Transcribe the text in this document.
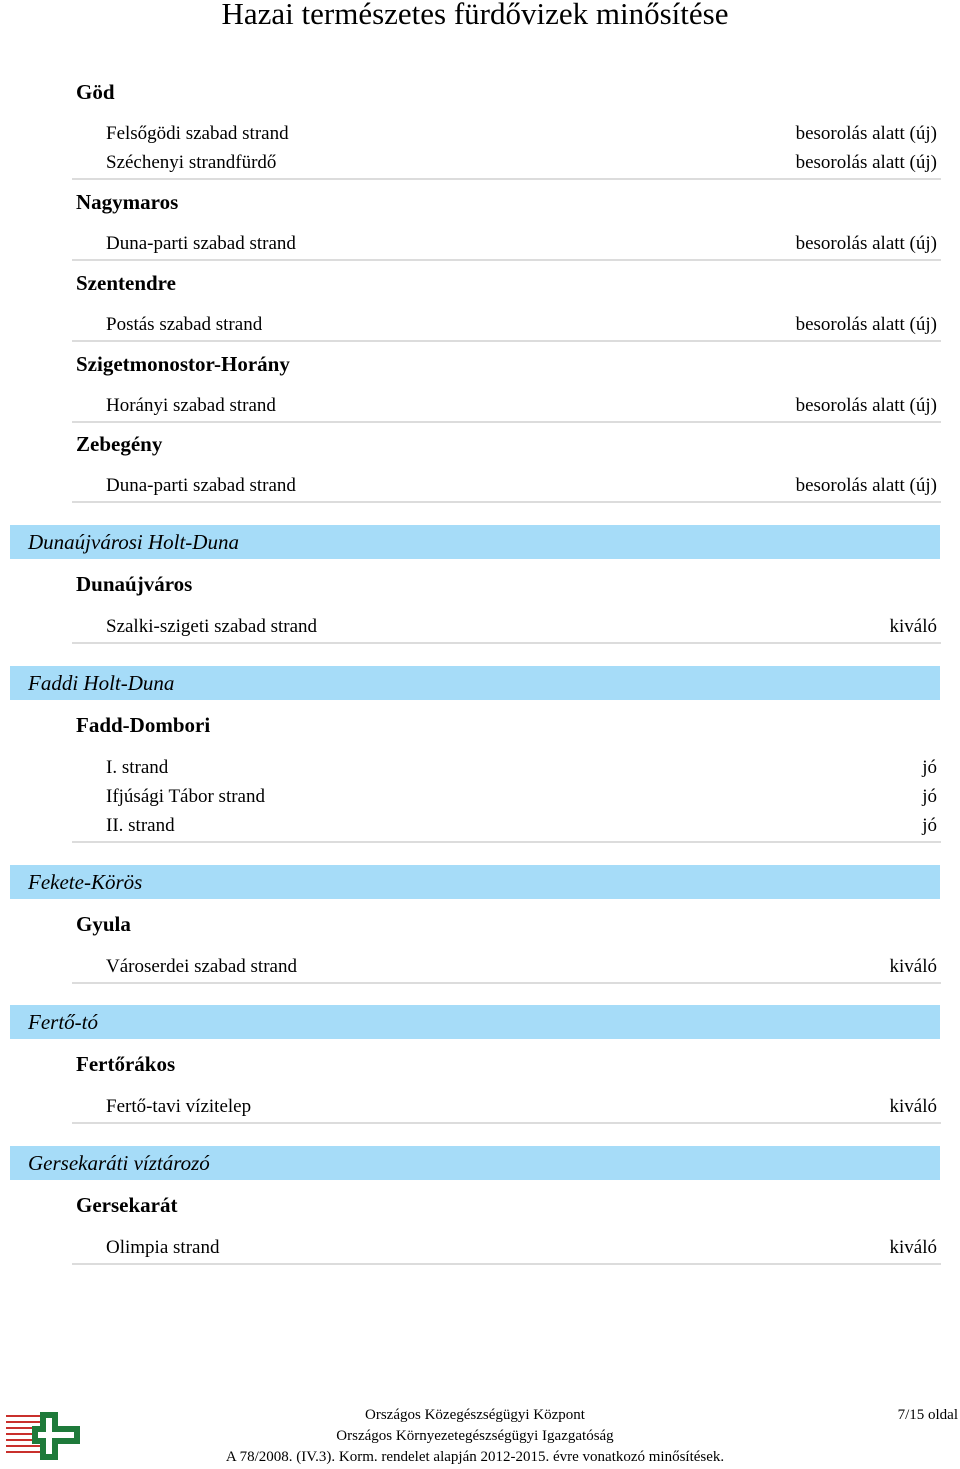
Hazai természetes fürdővizek minősítése
Göd
Felsőgödi szabad strand	besorolás alatt (új)
Széchenyi strandfürdő	besorolás alatt (új)
Nagymaros
Duna-parti szabad strand	besorolás alatt (új)
Szentendre
Postás szabad strand	besorolás alatt (új)
Szigetmonostor-Horány
Horányi szabad strand	besorolás alatt (új)
Zebegény
Duna-parti szabad strand	besorolás alatt (új)
Dunaújvárosi Holt-Duna
Dunaújváros
Szalki-szigeti szabad strand	kiváló
Faddi Holt-Duna
Fadd-Dombori
I. strand	jó
Ifjúsági Tábor strand	jó
II. strand	jó
Fekete-Körös
Gyula
Városerdei szabad strand	kiváló
Fertő-tó
Fertőrákos
Fertő-tavi vízitelep	kiváló
Gersekaráti víztározó
Gersekarát
Olimpia strand	kiváló
Országos Közegészségügyi Központ
Országos Környezetegészségügyi Igazgatóság
A 78/2008. (IV.3). Korm. rendelet alapján 2012-2015. évre vonatkozó minősítések.
7/15 oldal
